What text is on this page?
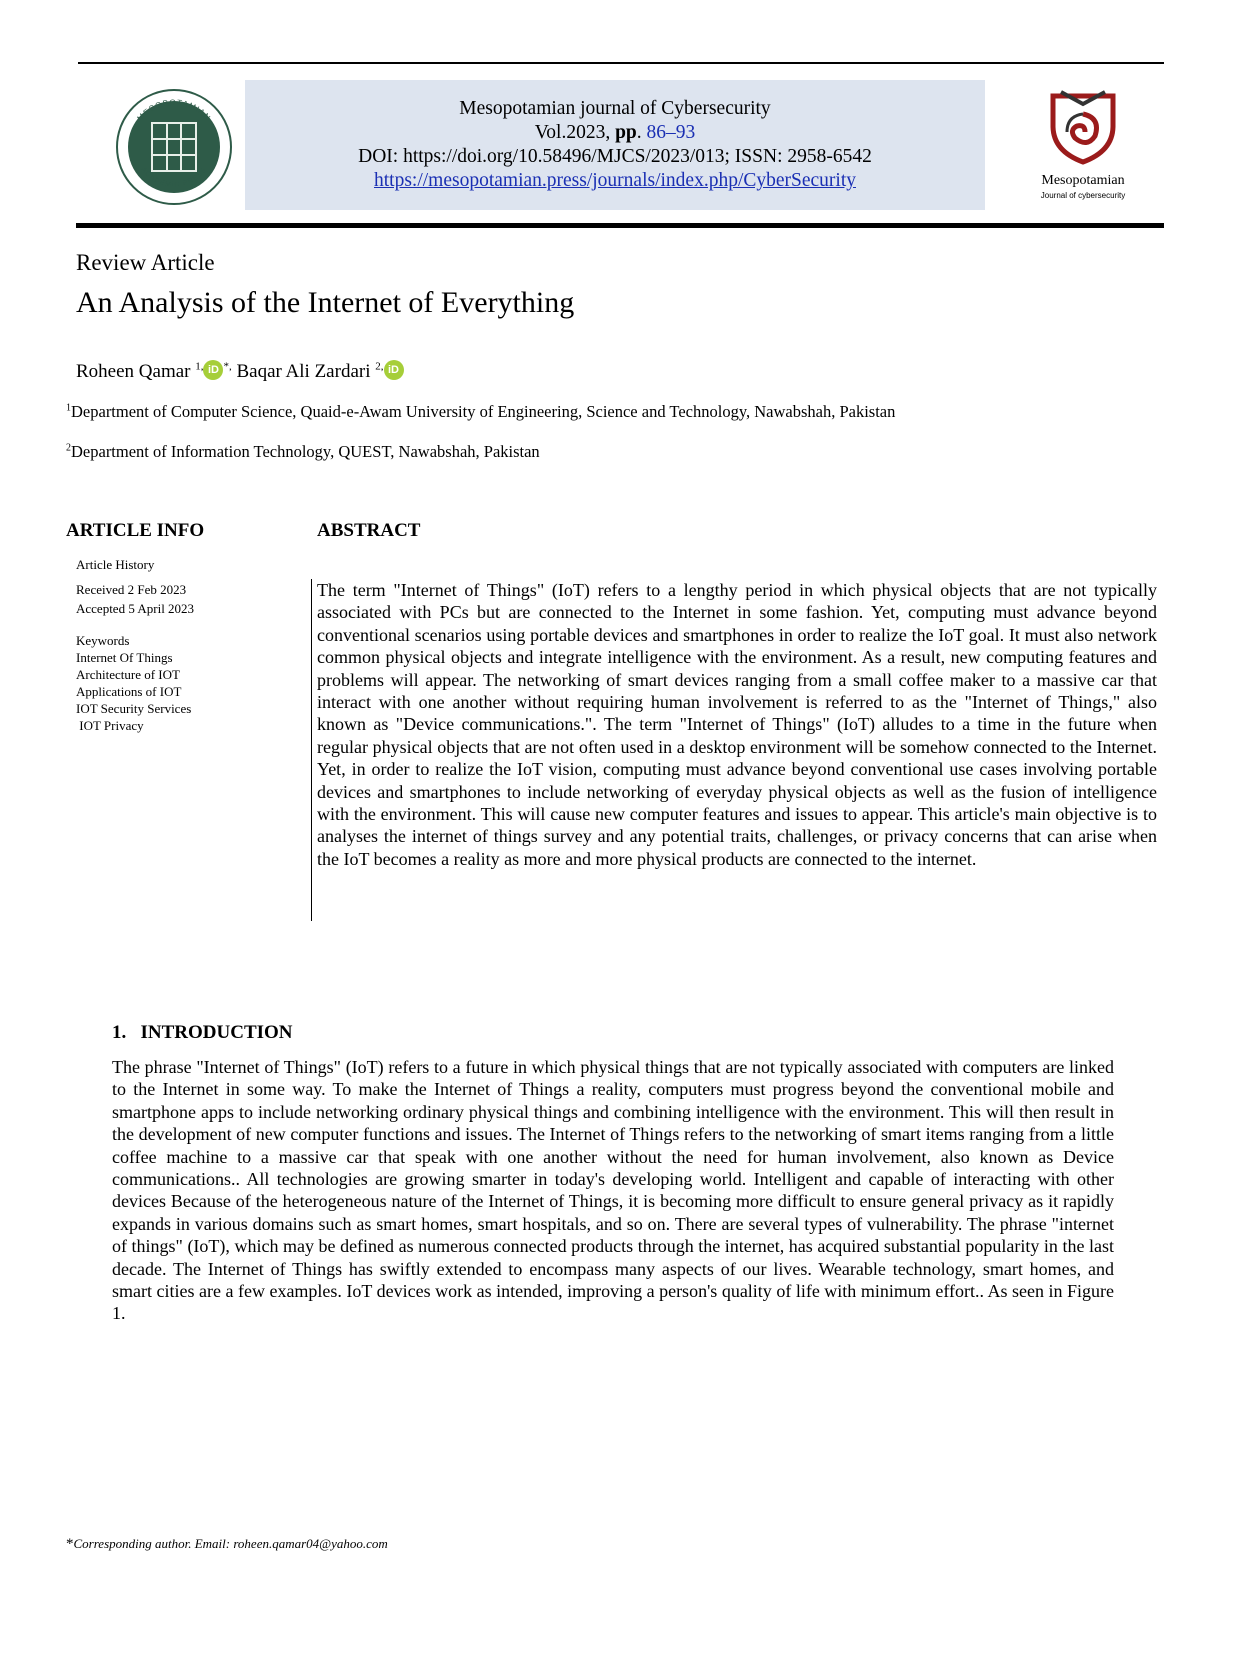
MESOPOTAMIAN
ACADEMIC PRESS
Mesopotamian journal of Cybersecurity
Vol.2023, pp. 86–93
DOI: https://doi.org/10.58496/MJCS/2023/013; ISSN: 2958-6542
https://mesopotamian.press/journals/index.php/CyberSecurity	Mesopotamian
Journal of cybersecurity
Review Article
An Analysis of the Internet of Everything
Roheen Qamar $^{1,}$ iD *, Baqar Ali Zardari $^{2,}$ iD
$^1$Department of Computer Science, Quaid-e-Awam University of Engineering, Science and Technology, Nawabshah, Pakistan
$^2$Department of Information Technology, QUEST, Nawabshah, Pakistan
ARTICLE INFO	ABSTRACT
Article History
Received 2 Feb 2023
Accepted 5 April 2023
Keywords
Internet Of Things
Architecture of IOT
Applications of IOT
IOT Security Services
IOT Privacy
The term "Internet of Things" (IoT) refers to a lengthy period in which physical objects that are not typically associated with PCs but are connected to the Internet in some fashion. Yet, computing must advance beyond conventional scenarios using portable devices and smartphones in order to realize the IoT goal. It must also network common physical objects and integrate intelligence with the environment. As a result, new computing features and problems will appear. The networking of smart devices ranging from a small coffee maker to a massive car that interact with one another without requiring human involvement is referred to as the "Internet of Things," also known as "Device communications.". The term "Internet of Things" (IoT) alludes to a time in the future when regular physical objects that are not often used in a desktop environment will be somehow connected to the Internet. Yet, in order to realize the IoT vision, computing must advance beyond conventional use cases involving portable devices and smartphones to include networking of everyday physical objects as well as the fusion of intelligence with the environment. This will cause new computer features and issues to appear. This article's main objective is to analyses the internet of things survey and any potential traits, challenges, or privacy concerns that can arise when the IoT becomes a reality as more and more physical products are connected to the internet.
1.   INTRODUCTION
The phrase "Internet of Things" (IoT) refers to a future in which physical things that are not typically associated with computers are linked to the Internet in some way. To make the Internet of Things a reality, computers must progress beyond the conventional mobile and smartphone apps to include networking ordinary physical things and combining intelligence with the environment. This will then result in the development of new computer functions and issues. The Internet of Things refers to the networking of smart items ranging from a little coffee machine to a massive car that speak with one another without the need for human involvement, also known as Device communications.. All technologies are growing smarter in today's developing world. Intelligent and capable of interacting with other devices Because of the heterogeneous nature of the Internet of Things, it is becoming more difficult to ensure general privacy as it rapidly expands in various domains such as smart homes, smart hospitals, and so on. There are several types of vulnerability. The phrase "internet of things" (IoT), which may be defined as numerous connected products through the internet, has acquired substantial popularity in the last decade. The Internet of Things has swiftly extended to encompass many aspects of our lives. Wearable technology, smart homes, and smart cities are a few examples. IoT devices work as intended, improving a person's quality of life with minimum effort.. As seen in Figure 1.
*Corresponding author. Email: roheen.qamar04@yahoo.com
